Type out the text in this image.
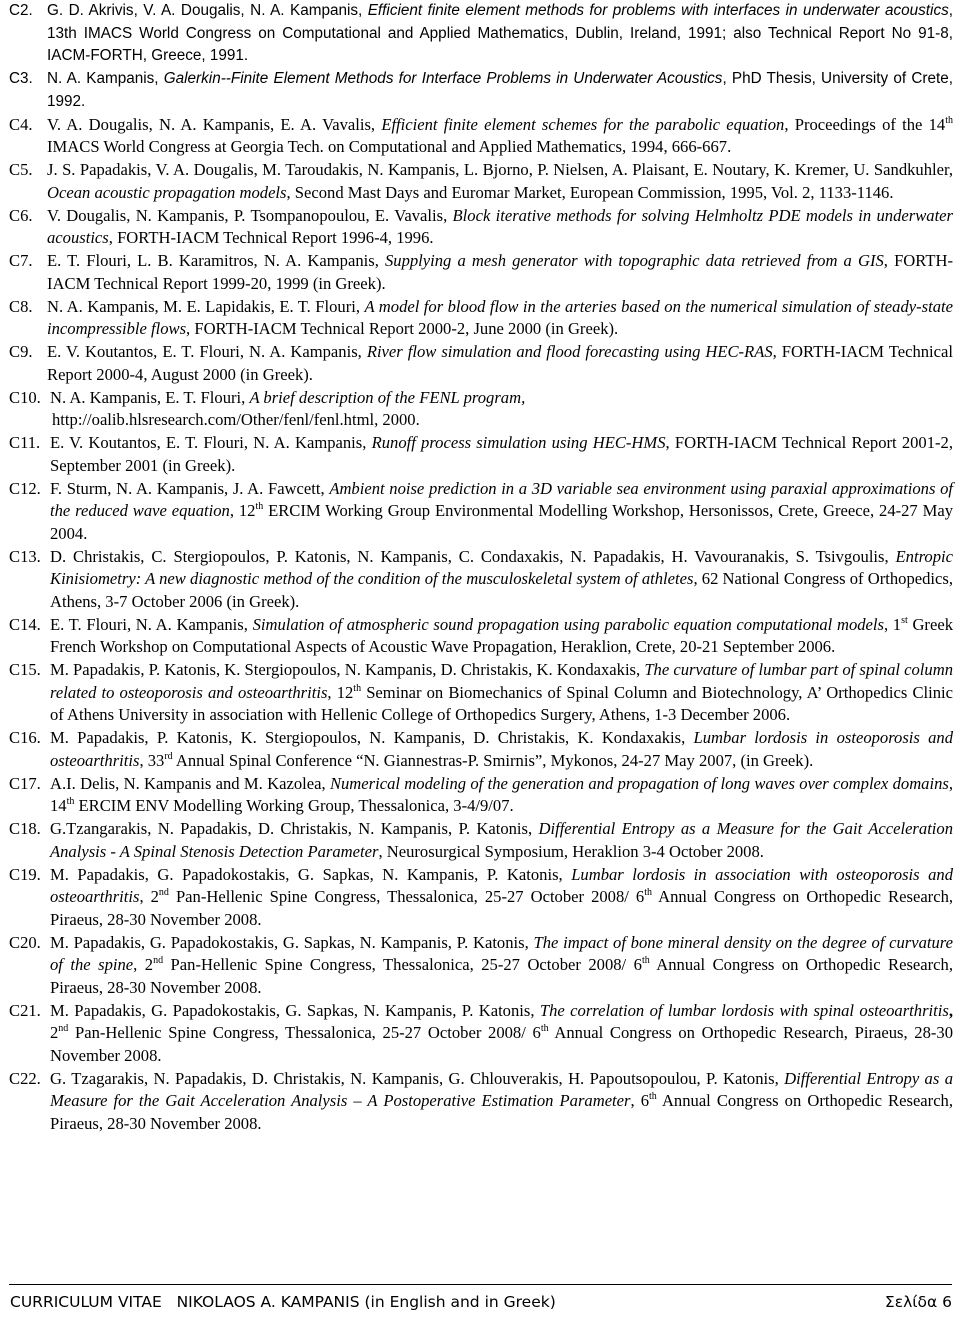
C2. G. D. Akrivis, V. A. Dougalis, N. A. Kampanis, Efficient finite element methods for problems with interfaces in underwater acoustics, 13th IMACS World Congress on Computational and Applied Mathematics, Dublin, Ireland, 1991; also Technical Report No 91-8, IACM-FORTH, Greece, 1991.
C3. N. A. Kampanis, Galerkin--Finite Element Methods for Interface Problems in Underwater Acoustics, PhD Thesis, University of Crete, 1992.
C4. V. A. Dougalis, N. A. Kampanis, E. A. Vavalis, Efficient finite element schemes for the parabolic equation, Proceedings of the 14th IMACS World Congress at Georgia Tech. on Computational and Applied Mathematics, 1994, 666-667.
C5. J. S. Papadakis, V. A. Dougalis, M. Taroudakis, N. Kampanis, L. Bjorno, P. Nielsen, A. Plaisant, E. Noutary, K. Kremer, U. Sandkuhler, Ocean acoustic propagation models, Second Mast Days and Euromar Market, European Commission, 1995, Vol. 2, 1133-1146.
C6. V. Dougalis, N. Kampanis, P. Tsompanopoulou, E. Vavalis, Block iterative methods for solving Helmholtz PDE models in underwater acoustics, FORTH-IACM Technical Report 1996-4, 1996.
C7. E. T. Flouri, L. B. Karamitros, N. A. Kampanis, Supplying a mesh generator with topographic data retrieved from a GIS, FORTH-IACM Technical Report 1999-20, 1999 (in Greek).
C8. N. A. Kampanis, M. E. Lapidakis, E. T. Flouri, A model for blood flow in the arteries based on the numerical simulation of steady-state incompressible flows, FORTH-IACM Technical Report 2000-2, June 2000 (in Greek).
C9. E. V. Koutantos, E. T. Flouri, N. A. Kampanis, River flow simulation and flood forecasting using HEC-RAS, FORTH-IACM Technical Report 2000-4, August 2000 (in Greek).
C10. N. A. Kampanis, E. T. Flouri, A brief description of the FENL program,
http://oalib.hlsresearch.com/Other/fenl/fenl.html, 2000.
C11. E. V. Koutantos, E. T. Flouri, N. A. Kampanis, Runoff process simulation using HEC-HMS, FORTH-IACM Technical Report 2001-2, September 2001 (in Greek).
C12. F. Sturm, N. A. Kampanis, J. A. Fawcett, Ambient noise prediction in a 3D variable sea environment using paraxial approximations of the reduced wave equation, 12th ERCIM Working Group Environmental Modelling Workshop, Hersonissos, Crete, Greece, 24-27 May 2004.
C13. D. Christakis, C. Stergiopoulos, P. Katonis, N. Kampanis, C. Condaxakis, N. Papadakis, H. Vavouranakis, S. Tsivgoulis, Entropic Kinisiometry: A new diagnostic method of the condition of the musculoskeletal system of athletes, 62 National Congress of Orthopedics, Athens, 3-7 October 2006 (in Greek).
C14. E. T. Flouri, N. A. Kampanis, Simulation of atmospheric sound propagation using parabolic equation computational models, 1st Greek French Workshop on Computational Aspects of Acoustic Wave Propagation, Heraklion, Crete, 20-21 September 2006.
C15. M. Papadakis, P. Katonis, K. Stergiopoulos, N. Kampanis, D. Christakis, K. Kondaxakis, The curvature of lumbar part of spinal column related to osteoporosis and osteoarthritis, 12th Seminar on Biomechanics of Spinal Column and Biotechnology, A’ Orthopedics Clinic of Athens University in association with Hellenic College of Orthopedics Surgery, Athens, 1-3 December 2006.
C16. M. Papadakis, P. Katonis, K. Stergiopoulos, N. Kampanis, D. Christakis, K. Kondaxakis, Lumbar lordosis in osteoporosis and osteoarthritis, 33rd Annual Spinal Conference “N. Giannestras-P. Smirnis”, Mykonos, 24-27 May 2007, (in Greek).
C17. A.I. Delis, N. Kampanis and M. Kazolea, Numerical modeling of the generation and propagation of long waves over complex domains, 14th ERCIM ENV Modelling Working Group, Thessalonica, 3-4/9/07.
C18. G.Tzangarakis, N. Papadakis, D. Christakis, N. Kampanis, P. Katonis, Differential Entropy as a Measure for the Gait Acceleration Analysis - A Spinal Stenosis Detection Parameter, Neurosurgical Symposium, Heraklion 3-4 October 2008.
C19. M. Papadakis, G. Papadokostakis, G. Sapkas, N. Kampanis, P. Katonis, Lumbar lordosis in association with osteoporosis and osteoarthritis, 2nd Pan-Hellenic Spine Congress, Thessalonica, 25-27 October 2008/ 6th Annual Congress on Orthopedic Research, Piraeus, 28-30 November 2008.
C20. M. Papadakis, G. Papadokostakis, G. Sapkas, N. Kampanis, P. Katonis, The impact of bone mineral density on the degree of curvature of the spine, 2nd Pan-Hellenic Spine Congress, Thessalonica, 25-27 October 2008/ 6th Annual Congress on Orthopedic Research, Piraeus, 28-30 November 2008.
C21. M. Papadakis, G. Papadokostakis, G. Sapkas, N. Kampanis, P. Katonis, The correlation of lumbar lordosis with spinal osteoarthritis, 2nd Pan-Hellenic Spine Congress, Thessalonica, 25-27 October 2008/ 6th Annual Congress on Orthopedic Research, Piraeus, 28-30 November 2008.
C22. G. Tzagarakis, N. Papadakis, D. Christakis, N. Kampanis, G. Chlouverakis, H. Papoutsopoulou, P. Katonis, Differential Entropy as a Measure for the Gait Acceleration Analysis – A Postoperative Estimation Parameter, 6th Annual Congress on Orthopedic Research, Piraeus, 28-30 November 2008.
CURRICULUM VITAE   NIKOLAOS A. KAMPANIS (in English and in Greek)	Σελίδα 6
